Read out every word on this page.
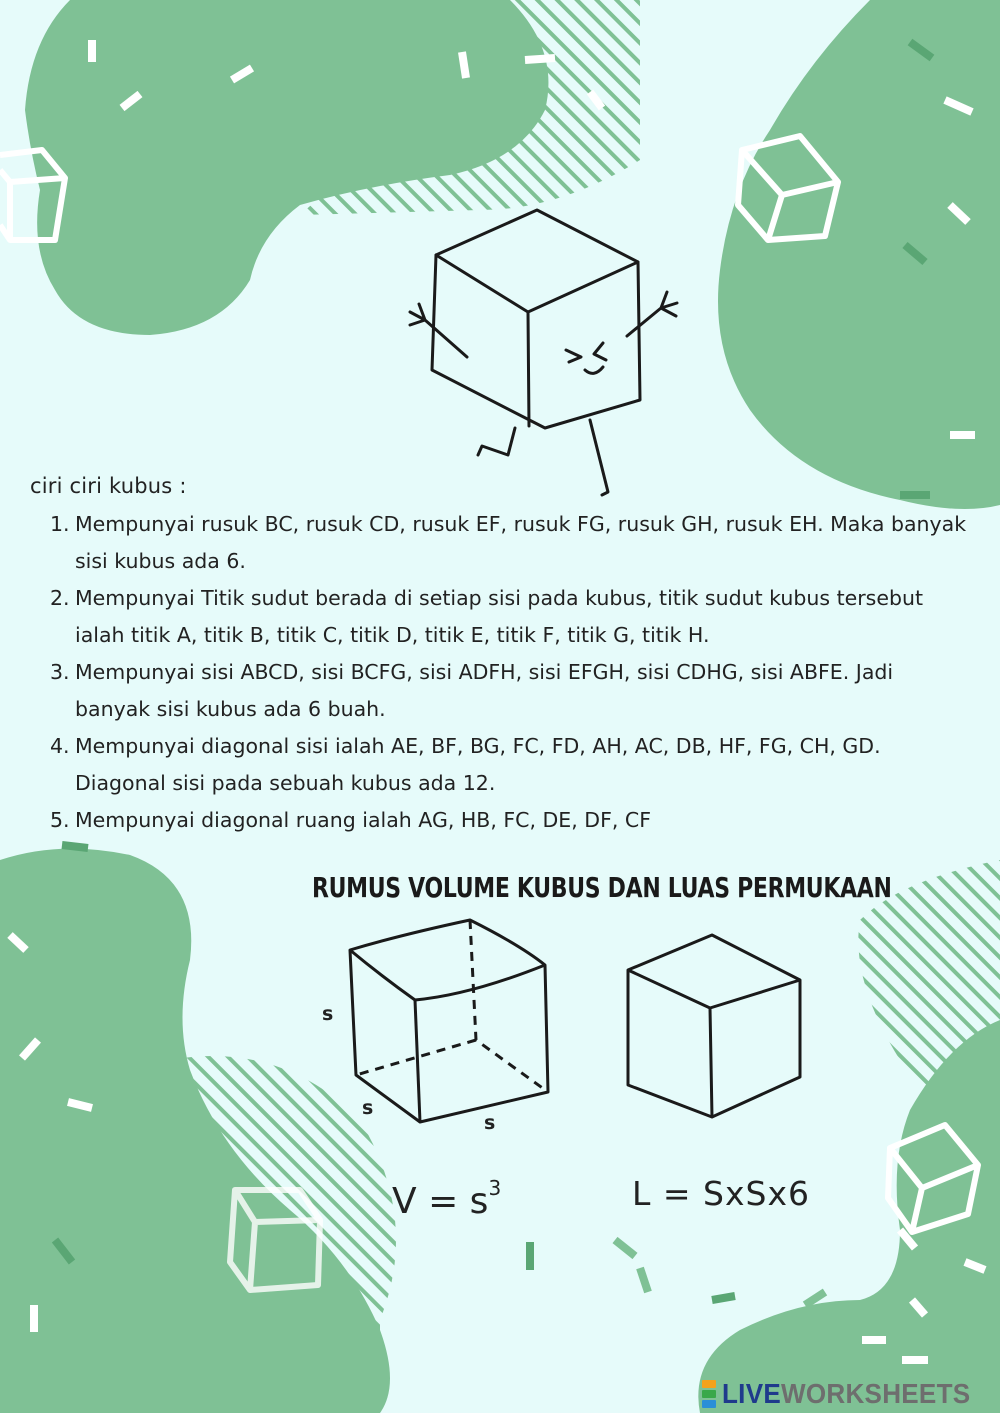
ciri ciri kubus :
1. Mempunyai rusuk BC, rusuk CD, rusuk EF, rusuk FG, rusuk GH, rusuk EH. Maka banyak sisi kubus ada 6.
2. Mempunyai Titik sudut berada di setiap sisi pada kubus, titik sudut kubus tersebut ialah titik A, titik B, titik C, titik D, titik E, titik F, titik G, titik H.
3. Mempunyai sisi ABCD, sisi BCFG, sisi ADFH, sisi EFGH, sisi CDHG, sisi ABFE. Jadi banyak sisi kubus ada 6 buah.
4. Mempunyai diagonal sisi ialah AE, BF, BG, FC, FD, AH, AC, DB, HF, FG, CH, GD. Diagonal sisi pada sebuah kubus ada 12.
5. Mempunyai diagonal ruang ialah AG, HB, FC, DE, DF, CF
RUMUS VOLUME KUBUS DAN LUAS PERMUKAAN
s
s
s
$V = s^3$	L = SxSx6
LIVEWORKSHEETS
